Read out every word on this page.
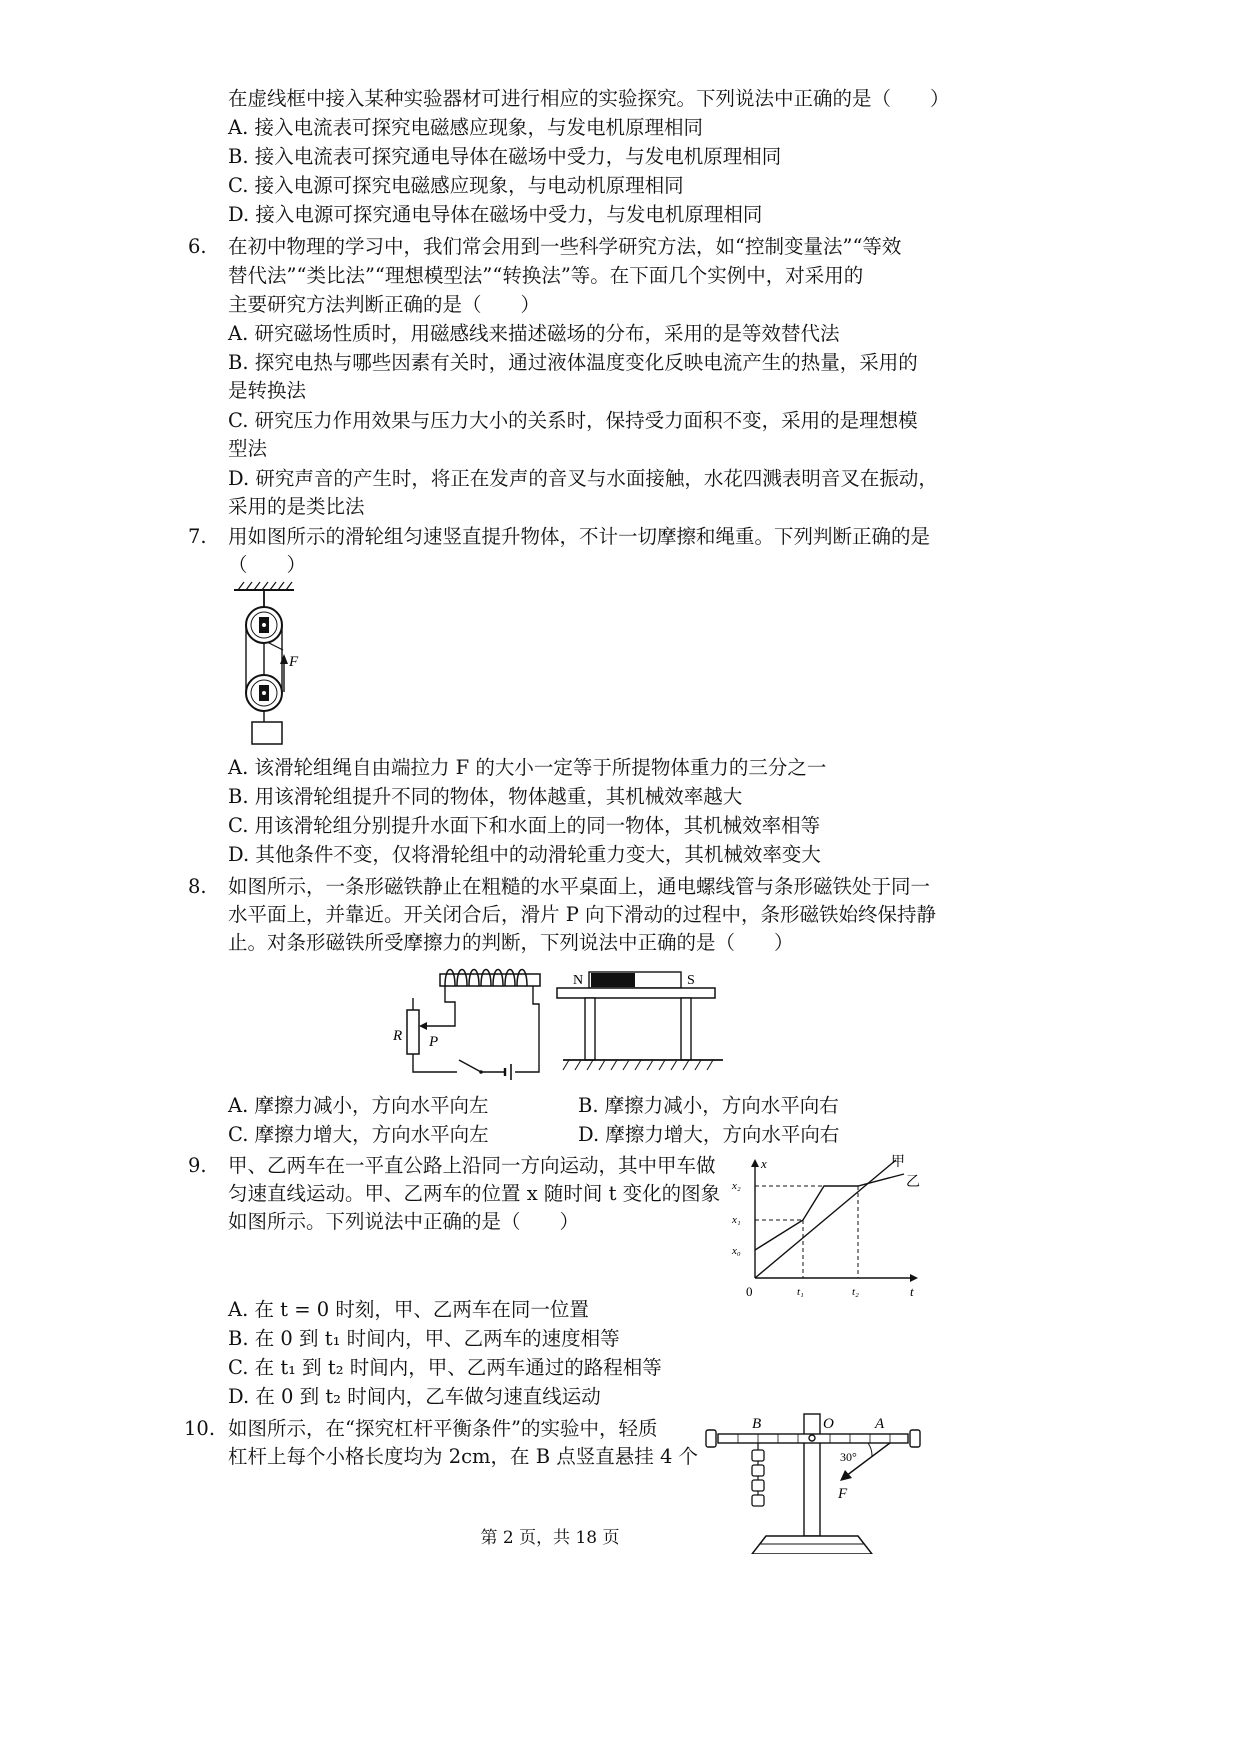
在虚线框中接入某种实验器材可进行相应的实验探究。下列说法中正确的是（　　）
A. 接入电流表可探究电磁感应现象，与发电机原理相同
B. 接入电流表可探究通电导体在磁场中受力，与发电机原理相同
C. 接入电源可探究电磁感应现象，与电动机原理相同
D. 接入电源可探究通电导体在磁场中受力，与发电机原理相同
6. 在初中物理的学习中，我们常会用到一些科学研究方法，如“控制变量法”“等效
替代法”“类比法”“理想模型法”“转换法”等。在下面几个实例中，对采用的
主要研究方法判断正确的是（　　）
A. 研究磁场性质时，用磁感线来描述磁场的分布，采用的是等效替代法
B. 探究电热与哪些因素有关时，通过液体温度变化反映电流产生的热量，采用的
是转换法
C. 研究压力作用效果与压力大小的关系时，保持受力面积不变，采用的是理想模
型法
D. 研究声音的产生时，将正在发声的音叉与水面接触，水花四溅表明音叉在振动，
采用的是类比法
7. 用如图所示的滑轮组匀速竖直提升物体，不计一切摩擦和绳重。下列判断正确的是
（　　）
F
A. 该滑轮组绳自由端拉力 F 的大小一定等于所提物体重力的三分之一
B. 用该滑轮组提升不同的物体，物体越重，其机械效率越大
C. 用该滑轮组分别提升水面下和水面上的同一物体，其机械效率相等
D. 其他条件不变，仅将滑轮组中的动滑轮重力变大，其机械效率变大
8. 如图所示，一条形磁铁静止在粗糙的水平桌面上，通电螺线管与条形磁铁处于同一
水平面上，并靠近。开关闭合后，滑片 P 向下滑动的过程中，条形磁铁始终保持静
止。对条形磁铁所受摩擦力的判断，下列说法中正确的是（　　）
R P
N	S
A. 摩擦力减小，方向水平向左	B. 摩擦力减小，方向水平向右
C. 摩擦力增大，方向水平向左	D. 摩擦力增大，方向水平向右
9. 甲、乙两车在一平直公路上沿同一方向运动，其中甲车做
匀速直线运动。甲、乙两车的位置 x 随时间 t 变化的图象
如图所示。下列说法中正确的是（　　）
x
t
0
x₀
x₁
x₂
t₁	t₂
甲
乙
A. 在 t = 0 时刻，甲、乙两车在同一位置
B. 在 0 到 t₁ 时间内，甲、乙两车的速度相等
C. 在 t₁ 到 t₂ 时间内，甲、乙两车通过的路程相等
D. 在 0 到 t₂ 时间内，乙车做匀速直线运动
10. 如图所示，在“探究杠杆平衡条件”的实验中，轻质
杠杆上每个小格长度均为 2cm，在 B 点竖直悬挂 4 个
B	O	A
30°
F
第 2 页，共 18 页
